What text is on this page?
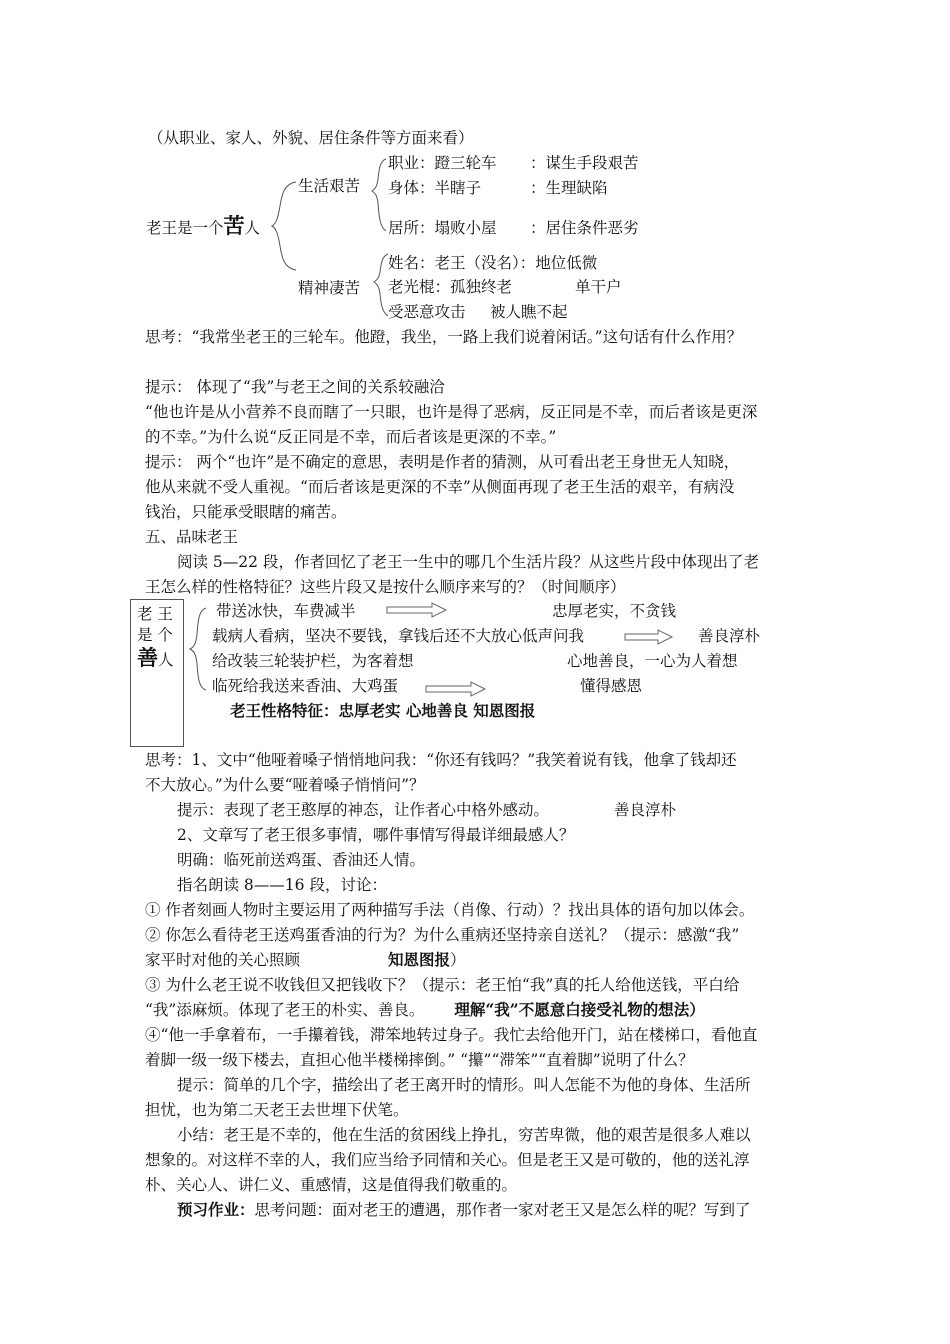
（从职业、家人、外貌、居住条件等方面来看）
老王是一个苦人
生活艰苦
精神凄苦
职业：蹬三轮车 ：谋生手段艰苦
身体：半瞎子	：生理缺陷
居所：塌败小屋 ：居住条件恶劣
姓名：老王（没名）：地位低微
老光棍：孤独终老	单干户
受恶意攻击 被人瞧不起
思考：“我常坐老王的三轮车。他蹬，我坐，一路上我们说着闲话。”这句话有什么作用？
提示： 体现了“我”与老王之间的关系较融洽
“他也许是从小营养不良而瞎了一只眼，也许是得了恶病，反正同是不幸，而后者该是更深
的不幸。”为什么说“反正同是不幸，而后者该是更深的不幸。”
提示： 两个“也许”是不确定的意思，表明是作者的猜测，从可看出老王身世无人知晓，
他从来就不受人重视。“而后者该是更深的不幸”从侧面再现了老王生活的艰辛，有病没
钱治，只能承受眼瞎的痛苦。
五、品味老王
阅读 5—22 段，作者回忆了老王一生中的哪几个生活片段？从这些片段中体现出了老
王怎么样的性格特征？这些片段又是按什么顺序来写的？（时间顺序）
老 王
是 个
善人
带送冰快，车费减半	忠厚老实，不贪钱
载病人看病，坚决不要钱，拿钱后还不大放心低声问我	善良淳朴
给改装三轮装护栏，为客着想	心地善良，一心为人着想
临死给我送来香油、大鸡蛋	懂得感恩
老王性格特征：忠厚老实 心地善良 知恩图报
思考：1、文中“他哑着嗓子悄悄地问我：“你还有钱吗？”我笑着说有钱，他拿了钱却还
不大放心。”为什么要“哑着嗓子悄悄问”？
提示：表现了老王憨厚的神态，让作者心中格外感动。	善良淳朴
2、文章写了老王很多事情，哪件事情写得最详细最感人？
明确：临死前送鸡蛋、香油还人情。
指名朗读 8——16 段，讨论：
① 作者刻画人物时主要运用了两种描写手法（肖像、行动）？找出具体的语句加以体会。
② 你怎么看待老王送鸡蛋香油的行为？为什么重病还坚持亲自送礼？（提示：感激“我”
家平时对他的关心照顾	知恩图报）
③ 为什么老王说不收钱但又把钱收下？（提示：老王怕“我”真的托人给他送钱，平白给
“我”添麻烦。体现了老王的朴实、善良。 理解“我”不愿意白接受礼物的想法）
④“他一手拿着布，一手攥着钱，滞笨地转过身子。我忙去给他开门，站在楼梯口，看他直
着脚一级一级下楼去，直担心他半楼梯摔倒。” “攥”“滞笨”“直着脚”说明了什么？
提示：简单的几个字，描绘出了老王离开时的情形。叫人怎能不为他的身体、生活所
担忧，也为第二天老王去世埋下伏笔。
小结：老王是不幸的，他在生活的贫困线上挣扎，穷苦卑微，他的艰苦是很多人难以
想象的。对这样不幸的人，我们应当给予同情和关心。但是老王又是可敬的，他的送礼淳
朴、关心人、讲仁义、重感情，这是值得我们敬重的。
预习作业：思考问题：面对老王的遭遇，那作者一家对老王又是怎么样的呢？写到了
